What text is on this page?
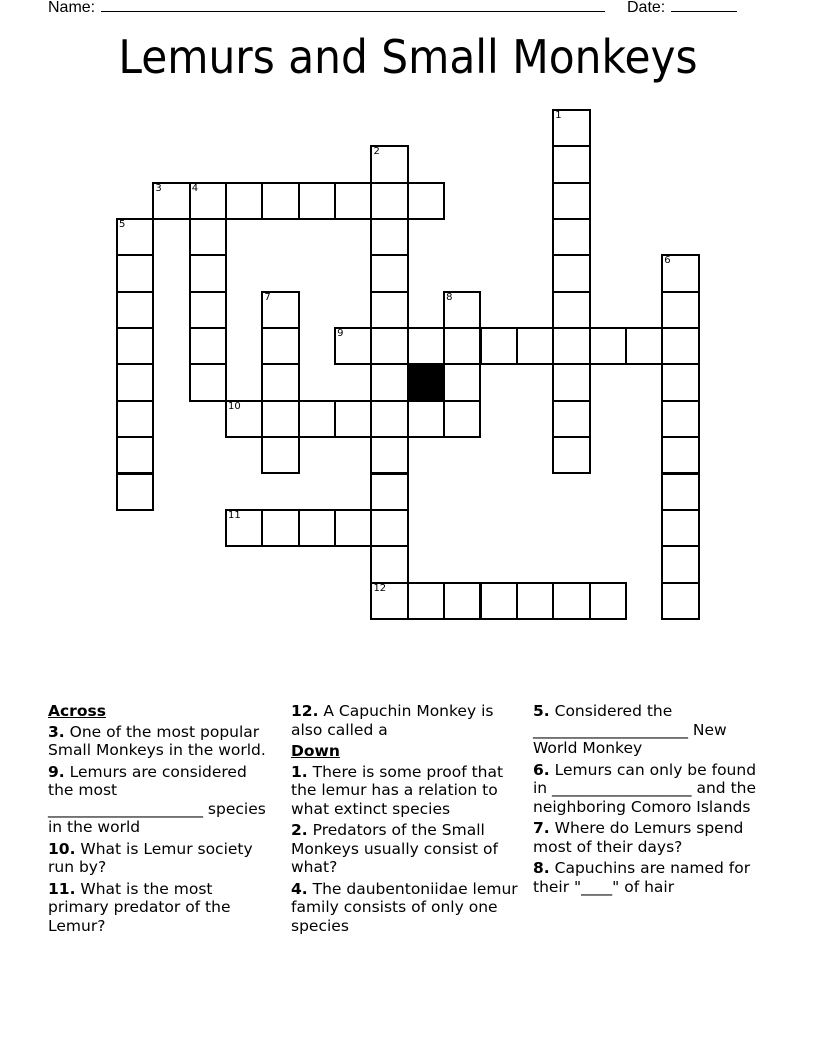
Name:	Date:
Lemurs and Small Monkeys
1
2
12
3	4
5
6
7	8
9
10
11
Across
3. One of the most popular Small Monkeys in the world.
9. Lemurs are considered the most ____________________ species in the world
10. What is Lemur society run by?
11. What is the most primary predator of the Lemur?
12. A Capuchin Monkey is also called a
Down
1. There is some proof that the lemur has a relation to what extinct species
2. Predators of the Small Monkeys usually consist of what?
4. The daubentoniidae lemur family consists of only one species
5. Considered the ____________________ New World Monkey
6. Lemurs can only be found in __________________ and the neighboring Comoro Islands
7. Where do Lemurs spend most of their days?
8. Capuchins are named for their "____" of hair
